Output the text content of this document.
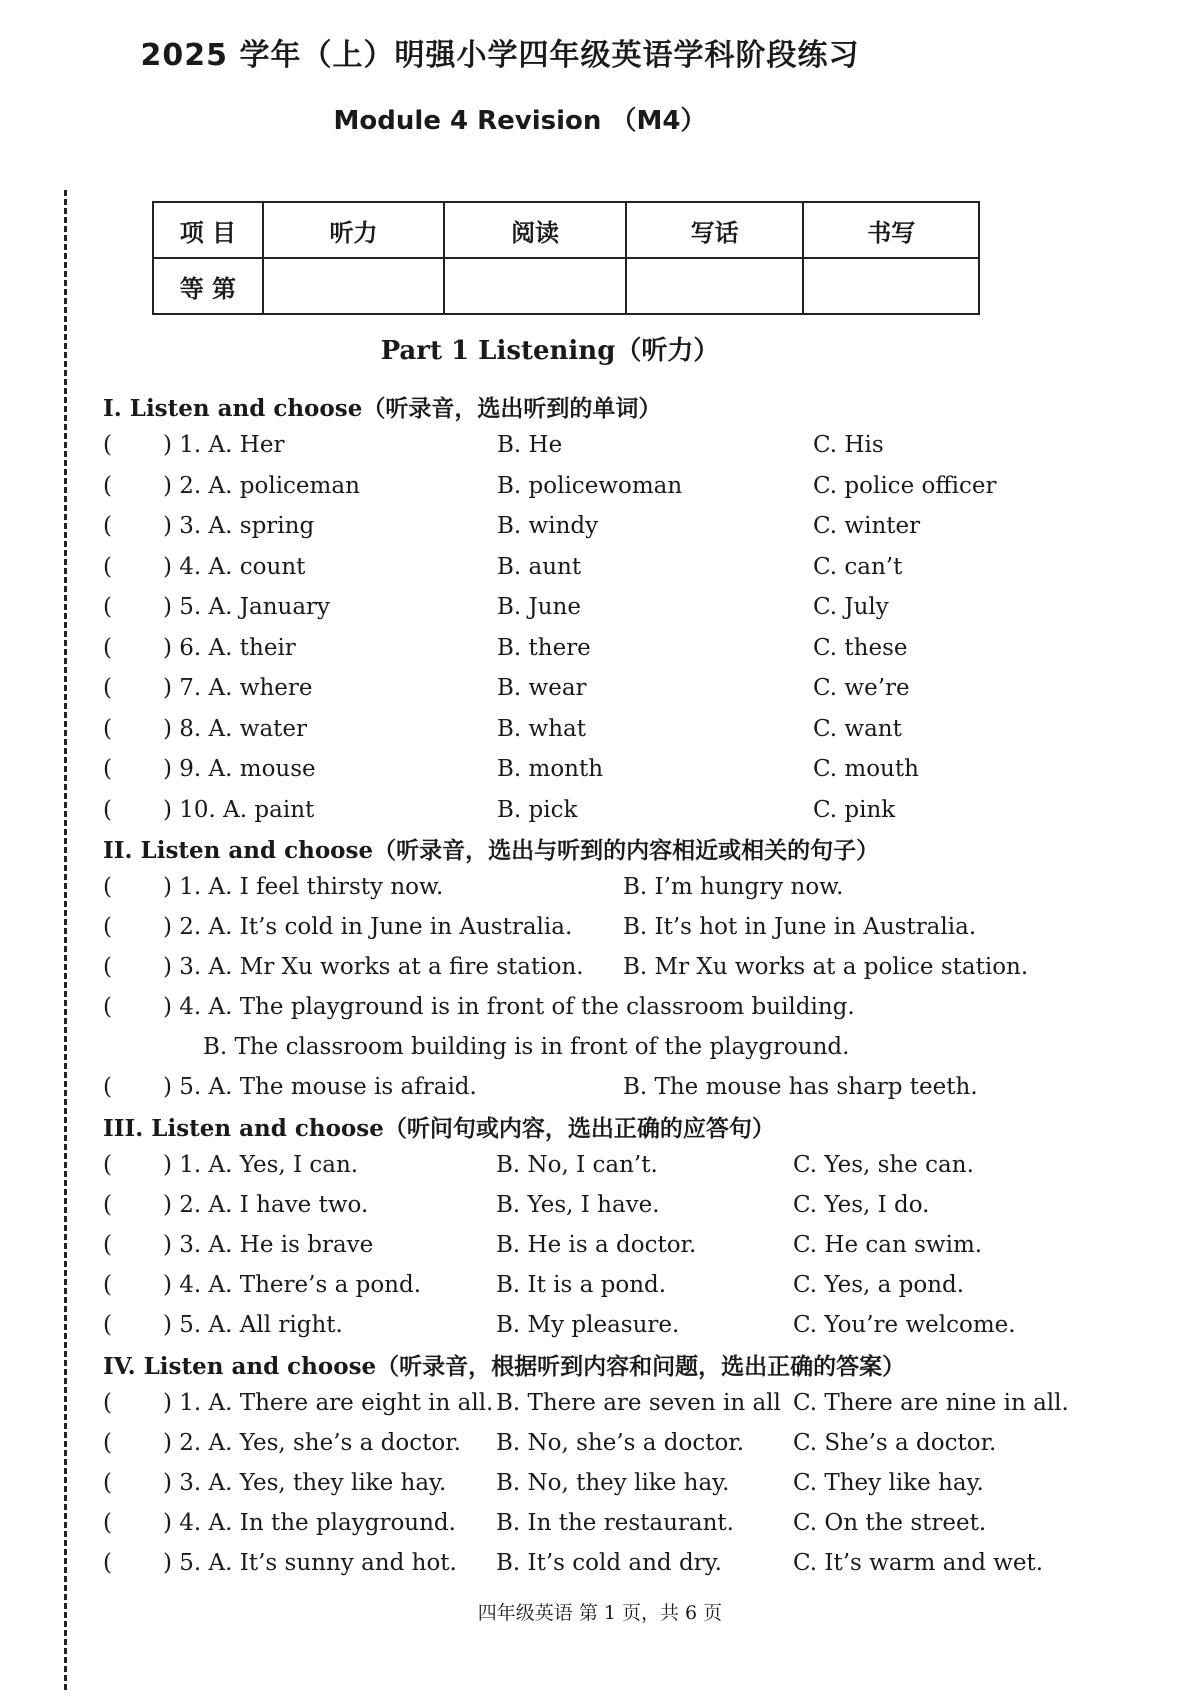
2025 学年（上）明强小学四年级英语学科阶段练习
Module 4 Revision （M4）
项 目	听力	阅读	写话	书写
等 第				
Part 1 Listening（听力）
I. Listen and choose（听录音，选出听到的单词）
( ) 1. A. Her	B. He	C. His
( ) 2. A. policeman	B. policewoman	C. police officer
( ) 3. A. spring	B. windy	C. winter
( ) 4. A. count	B. aunt	C. can’t
( ) 5. A. January	B. June	C. July
( ) 6. A. their	B. there	C. these
( ) 7. A. where	B. wear	C. we’re
( ) 8. A. water	B. what	C. want
( ) 9. A. mouse	B. month	C. mouth
( ) 10. A. paint	B. pick	C. pink
II. Listen and choose（听录音，选出与听到的内容相近或相关的句子）
( ) 1. A. I feel thirsty now.	B. I’m hungry now.
( ) 2. A. It’s cold in June in Australia. B. It’s hot in June in Australia.
( ) 3. A. Mr Xu works at a fire station. B. Mr Xu works at a police station.
( ) 4. A. The playground is in front of the classroom building.
B. The classroom building is in front of the playground.
( ) 5. A. The mouse is afraid.	B. The mouse has sharp teeth.
III. Listen and choose（听问句或内容，选出正确的应答句）
( ) 1. A. Yes, I can.	B. No, I can’t.	C. Yes, she can.
( ) 2. A. I have two.	B. Yes, I have.	C. Yes, I do.
( ) 3. A. He is brave	B. He is a doctor.	C. He can swim.
( ) 4. A. There’s a pond.	B. It is a pond.	C. Yes, a pond.
( ) 5. A. All right.	B. My pleasure.	C. You’re welcome.
IV. Listen and choose（听录音，根据听到内容和问题，选出正确的答案）
( ) 1. A. There are eight in all. B. There are seven in all C. There are nine in all.
( ) 2. A. Yes, she’s a doctor. B. No, she’s a doctor. C. She’s a doctor.
( ) 3. A. Yes, they like hay. B. No, they like hay.	C. They like hay.
( ) 4. A. In the playground. B. In the restaurant.	C. On the street.
( ) 5. A. It’s sunny and hot. B. It’s cold and dry.	C. It’s warm and wet.
四年级英语 第 1 页，共 6 页
